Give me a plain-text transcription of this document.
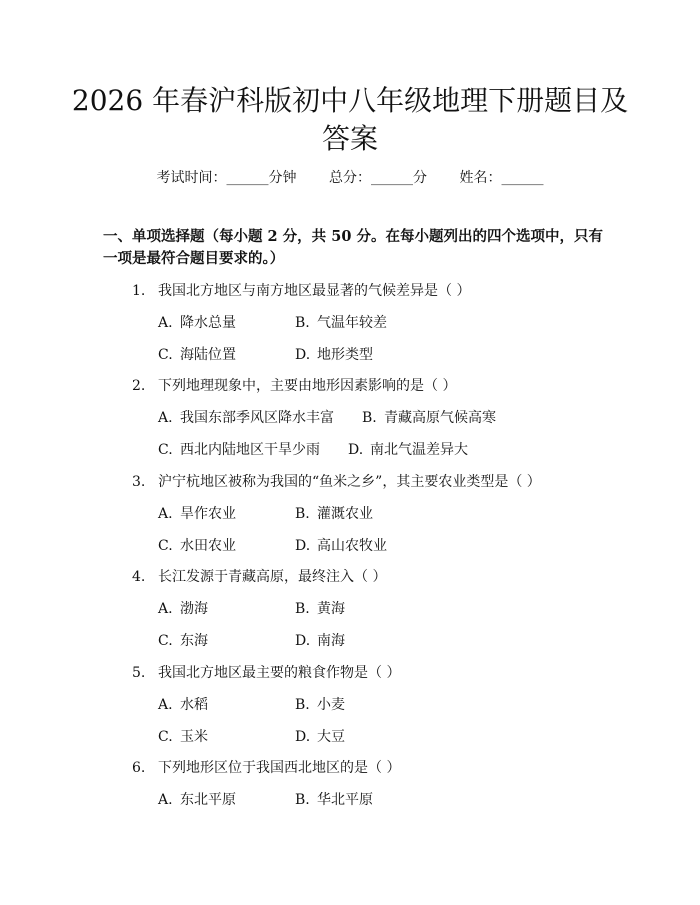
2026 年春沪科版初中八年级地理下册题目及答案
考试时间：______分钟 总分：______分 姓名：______

一、单项选择题（每小题 2 分，共 50 分。在每小题列出的四个选项中，只有一项是最符合题目要求的。）

1. 我国北方地区与南方地区最显著的气候差异是（ ）
A. 降水总量	B. 气温年较差
C. 海陆位置	D. 地形类型
2. 下列地理现象中，主要由地形因素影响的是（ ）
A. 我国东部季风区降水丰富 B. 青藏高原气候高寒
C. 西北内陆地区干旱少雨 D. 南北气温差异大
3. 沪宁杭地区被称为我国的“鱼米之乡”，其主要农业类型是（ ）
A. 旱作农业	B. 灌溉农业
C. 水田农业	D. 高山农牧业
4. 长江发源于青藏高原，最终注入（ ）
A. 渤海	B. 黄海
C. 东海	D. 南海
5. 我国北方地区最主要的粮食作物是（ ）
A. 水稻	B. 小麦
C. 玉米	D. 大豆
6. 下列地形区位于我国西北地区的是（ ）
A. 东北平原	B. 华北平原
